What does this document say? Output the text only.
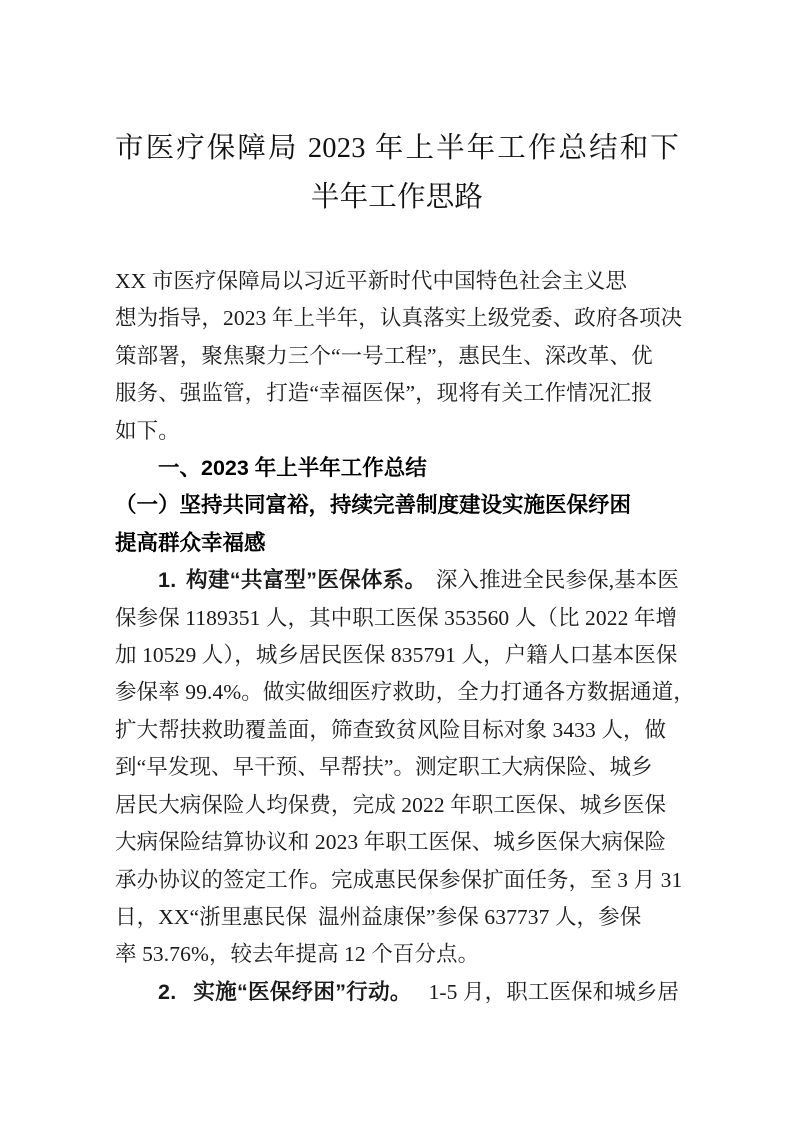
市医疗保障局 2023 年上半年工作总结和下
半年工作思路
XX 市医疗保障局以习近平新时代中国特色社会主义思
想为指导，2023 年上半年，认真落实上级党委、政府各项决
策部署，聚焦聚力三个“一号工程”，惠民生、深改革、优
服务、强监管，打造“幸福医保”，现将有关工作情况汇报
如下。
一、2023 年上半年工作总结
（一）坚持共同富裕，持续完善制度建设实施医保纾困
提高群众幸福感
1. 构建“共富型”医保体系。 深入推进全民参保,基本医
保参保 1189351 人，其中职工医保 353560 人（比 2022 年增
加 10529 人），城乡居民医保 835791 人，户籍人口基本医保
参保率 99.4%。做实做细医疗救助，全力打通各方数据通道，
扩大帮扶救助覆盖面，筛查致贫风险目标对象 3433 人，做
到“早发现、早干预、早帮扶”。测定职工大病保险、城乡
居民大病保险人均保费，完成 2022 年职工医保、城乡医保
大病保险结算协议和 2023 年职工医保、城乡医保大病保险
承办协议的签定工作。完成惠民保参保扩面任务，至 3 月 31
日，XX“浙里惠民保  温州益康保”参保 637737 人，参保
率 53.76%，较去年提高 12 个百分点。
2. 实施“医保纾困”行动。 1-5 月，职工医保和城乡居
